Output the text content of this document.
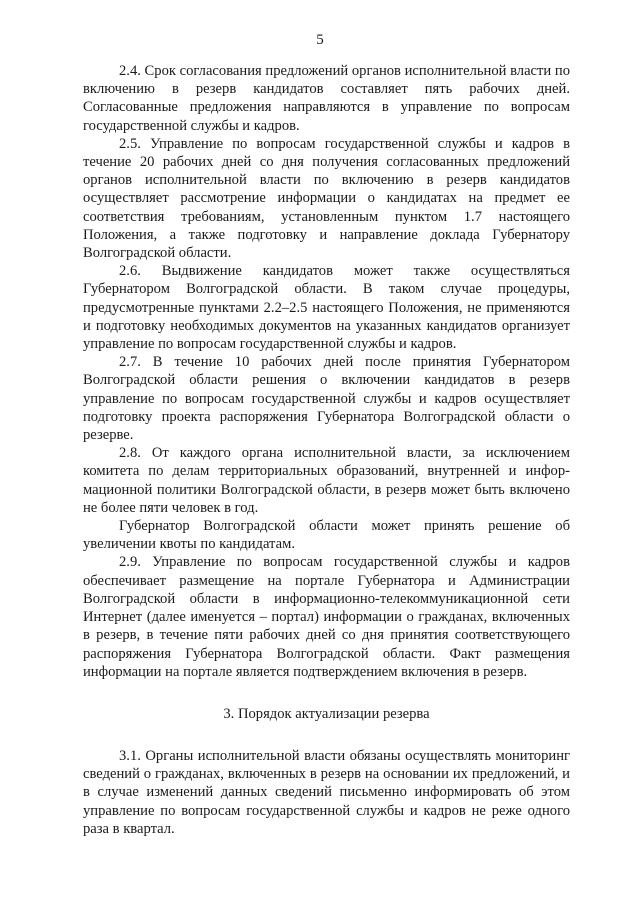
5

2.4. Срок согласования предложений органов исполнительной власти по включению в резерв кандидатов составляет пять рабочих дней. Согласованные предложения направляются в управление по вопросам государственной службы и кадров.

2.5. Управление по вопросам государственной службы и кадров в течение 20 рабочих дней со дня получения согласованных предложений органов исполнительной власти по включению в резерв кандидатов осуществляет рассмотрение информации о кандидатах на предмет ее соответствия требованиям, установленным пунктом 1.7 настоящего Положения, а также подготовку и направление доклада Губернатору Волгоградской области.

2.6. Выдвижение кандидатов может также осуществляться Губернатором Волгоградской области. В таком случае процедуры, предусмотренные пунктами 2.2–2.5 настоящего Положения, не применяются и подготовку необходимых документов на указанных кандидатов организует управление по вопросам государственной службы и кадров.

2.7. В течение 10 рабочих дней после принятия Губернатором Волгоградской области решения о включении кандидатов в резерв управление по вопросам государственной службы и кадров осуществляет подготовку проекта распоряжения Губернатора Волгоградской области о резерве.

2.8. От каждого органа исполнительной власти, за исключением комитета по делам территориальных образований, внутренней и информационной политики Волгоградской области, в резерв может быть включено не более пяти человек в год.

Губернатор Волгоградской области может принять решение об увеличении квоты по кандидатам.

2.9. Управление по вопросам государственной службы и кадров обеспечивает размещение на портале Губернатора и Администрации Волгоградской области в информационно-телекоммуникационной сети Интернет (далее именуется – портал) информации о гражданах, включенных в резерв, в течение пяти рабочих дней со дня принятия соответствующего распоряжения Губернатора Волгоградской области. Факт размещения информации на портале является подтверждением включения в резерв.

3. Порядок актуализации резерва

3.1. Органы исполнительной власти обязаны осуществлять мониторинг сведений о гражданах, включенных в резерв на основании их предложений, и в случае изменений данных сведений письменно информировать об этом управление по вопросам государственной службы и кадров не реже одного раза в квартал.
